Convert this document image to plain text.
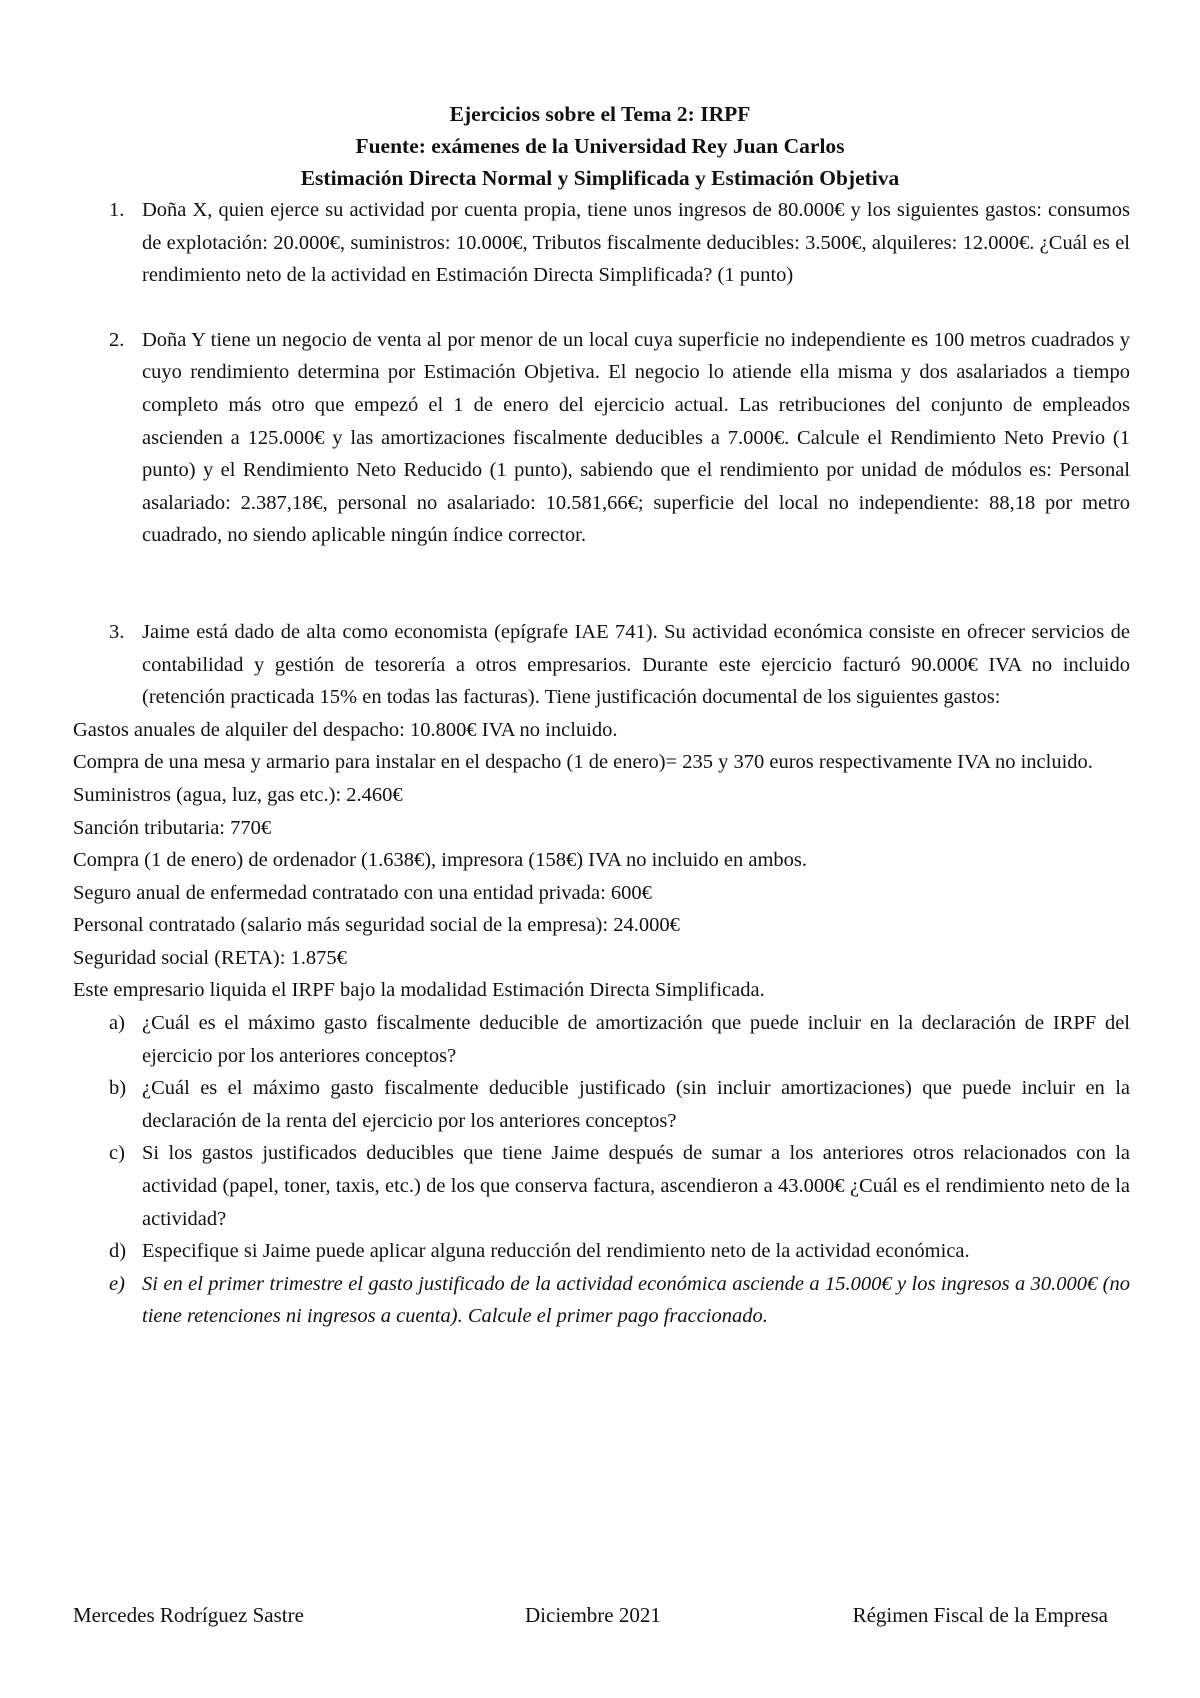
Ejercicios sobre el Tema 2: IRPF
Fuente: exámenes de la Universidad Rey Juan Carlos
Estimación Directa Normal y Simplificada y Estimación Objetiva
1. Doña X, quien ejerce su actividad por cuenta propia, tiene unos ingresos de 80.000€ y los siguientes gastos: consumos de explotación: 20.000€, suministros: 10.000€, Tributos fiscalmente deducibles: 3.500€, alquileres: 12.000€. ¿Cuál es el rendimiento neto de la actividad en Estimación Directa Simplificada? (1 punto)
2. Doña Y tiene un negocio de venta al por menor de un local cuya superficie no independiente es 100 metros cuadrados y cuyo rendimiento determina por Estimación Objetiva. El negocio lo atiende ella misma y dos asalariados a tiempo completo más otro que empezó el 1 de enero del ejercicio actual. Las retribuciones del conjunto de empleados ascienden a 125.000€ y las amortizaciones fiscalmente deducibles a 7.000€. Calcule el Rendimiento Neto Previo (1 punto) y el Rendimiento Neto Reducido (1 punto), sabiendo que el rendimiento por unidad de módulos es: Personal asalariado: 2.387,18€, personal no asalariado: 10.581,66€; superficie del local no independiente: 88,18 por metro cuadrado, no siendo aplicable ningún índice corrector.
3. Jaime está dado de alta como economista (epígrafe IAE 741). Su actividad económica consiste en ofrecer servicios de contabilidad y gestión de tesorería a otros empresarios. Durante este ejercicio facturó 90.000€ IVA no incluido (retención practicada 15% en todas las facturas). Tiene justificación documental de los siguientes gastos:
Gastos anuales de alquiler del despacho: 10.800€ IVA no incluido.
Compra de una mesa y armario para instalar en el despacho (1 de enero)= 235 y 370 euros respectivamente IVA no incluido.
Suministros (agua, luz, gas etc.): 2.460€
Sanción tributaria: 770€
Compra (1 de enero) de ordenador (1.638€), impresora (158€) IVA no incluido en ambos.
Seguro anual de enfermedad contratado con una entidad privada: 600€
Personal contratado (salario más seguridad social de la empresa): 24.000€
Seguridad social (RETA): 1.875€
Este empresario liquida el IRPF bajo la modalidad Estimación Directa Simplificada.
a) ¿Cuál es el máximo gasto fiscalmente deducible de amortización que puede incluir en la declaración de IRPF del ejercicio por los anteriores conceptos?
b) ¿Cuál es el máximo gasto fiscalmente deducible justificado (sin incluir amortizaciones) que puede incluir en la declaración de la renta del ejercicio por los anteriores conceptos?
c) Si los gastos justificados deducibles que tiene Jaime después de sumar a los anteriores otros relacionados con la actividad (papel, toner, taxis, etc.) de los que conserva factura, ascendieron a 43.000€ ¿Cuál es el rendimiento neto de la actividad?
d) Especifique si Jaime puede aplicar alguna reducción del rendimiento neto de la actividad económica.
e) Si en el primer trimestre el gasto justificado de la actividad económica asciende a 15.000€ y los ingresos a 30.000€ (no tiene retenciones ni ingresos a cuenta). Calcule el primer pago fraccionado.
Mercedes Rodríguez Sastre	Diciembre 2021	Régimen Fiscal de la Empresa
